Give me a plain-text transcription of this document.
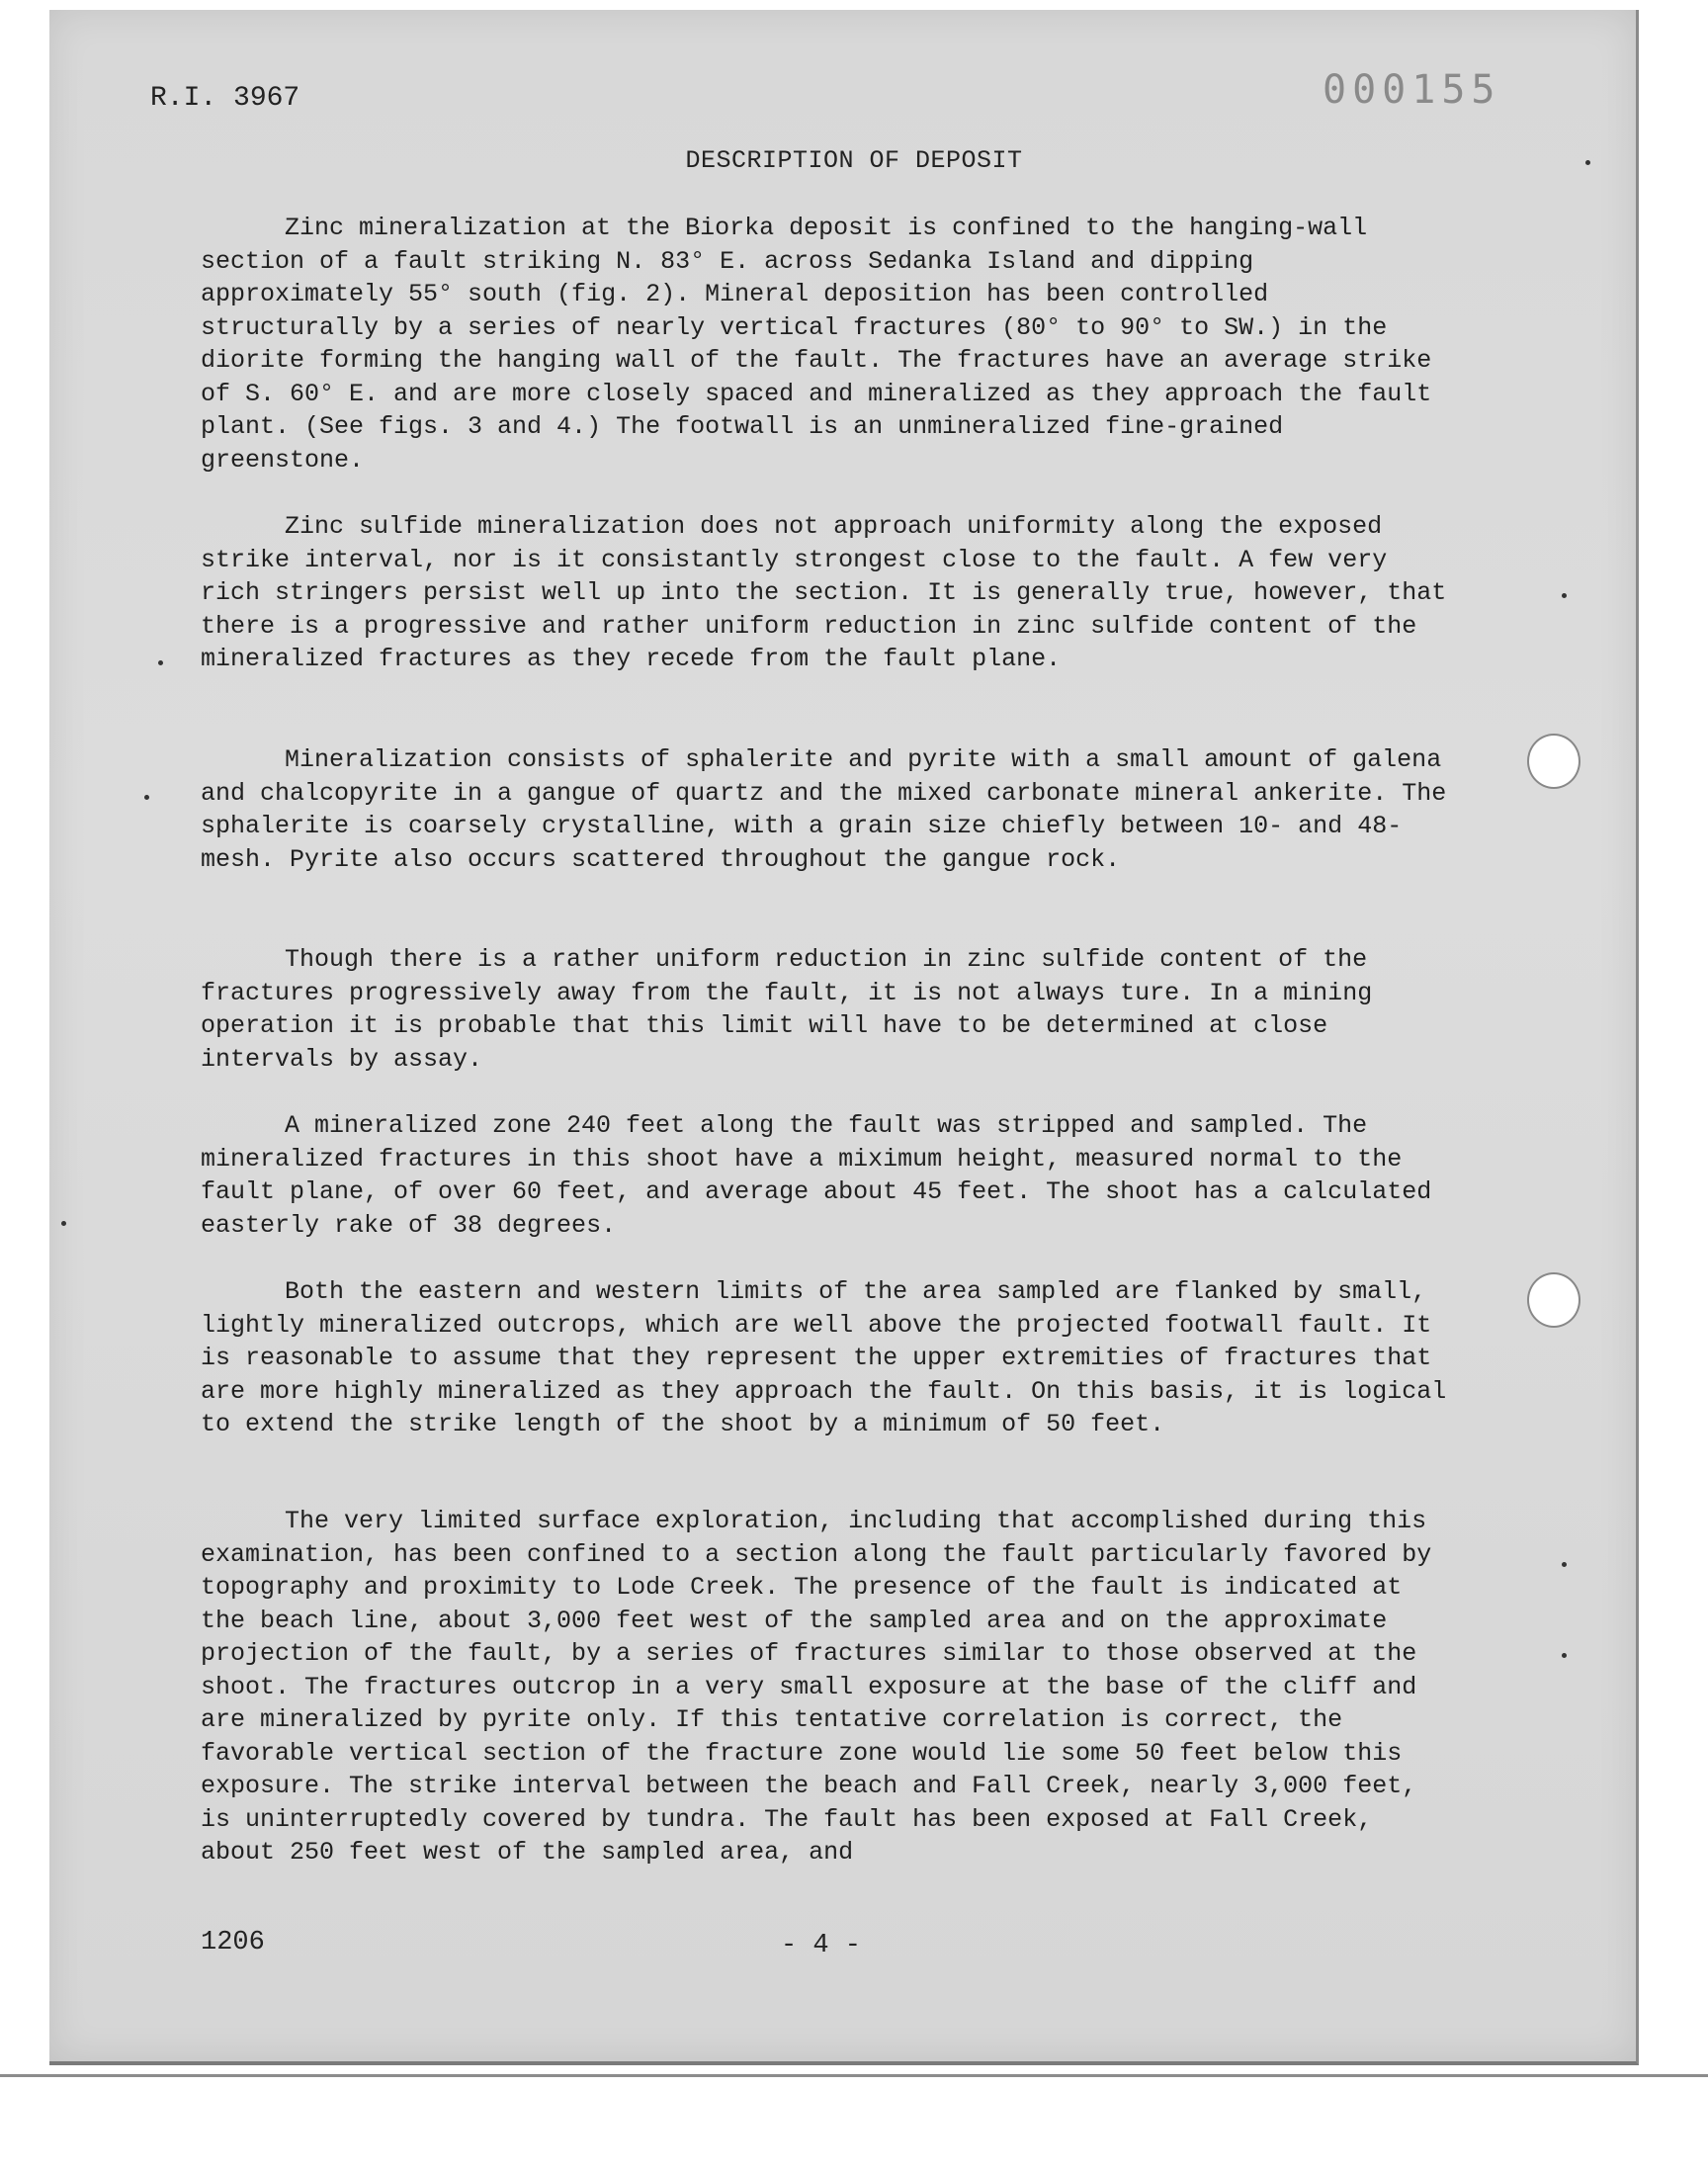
R.I. 3967	000155
DESCRIPTION OF DEPOSIT

Zinc mineralization at the Biorka deposit is confined to the hanging-wall section of a fault striking N. 83° E. across Sedanka Island and dipping approximately 55° south (fig. 2). Mineral deposition has been controlled structurally by a series of nearly vertical fractures (80° to 90° to SW.) in the diorite forming the hanging wall of the fault. The fractures have an average strike of S. 60° E. and are more closely spaced and mineralized as they approach the fault plant. (See figs. 3 and 4.) The footwall is an unmineralized fine-grained greenstone.

Zinc sulfide mineralization does not approach uniformity along the exposed strike interval, nor is it consistantly strongest close to the fault. A few very rich stringers persist well up into the section. It is generally true, however, that there is a progressive and rather uniform reduction in zinc sulfide content of the mineralized fractures as they recede from the fault plane.

Mineralization consists of sphalerite and pyrite with a small amount of galena and chalcopyrite in a gangue of quartz and the mixed carbonate mineral ankerite. The sphalerite is coarsely crystalline, with a grain size chiefly between 10- and 48-mesh. Pyrite also occurs scattered throughout the gangue rock.

Though there is a rather uniform reduction in zinc sulfide content of the fractures progressively away from the fault, it is not always ture. In a mining operation it is probable that this limit will have to be determined at close intervals by assay.

A mineralized zone 240 feet along the fault was stripped and sampled. The mineralized fractures in this shoot have a miximum height, measured normal to the fault plane, of over 60 feet, and average about 45 feet. The shoot has a calculated easterly rake of 38 degrees.

Both the eastern and western limits of the area sampled are flanked by small, lightly mineralized outcrops, which are well above the projected footwall fault. It is reasonable to assume that they represent the upper extremities of fractures that are more highly mineralized as they approach the fault. On this basis, it is logical to extend the strike length of the shoot by a minimum of 50 feet.

The very limited surface exploration, including that accomplished during this examination, has been confined to a section along the fault particularly favored by topography and proximity to Lode Creek. The presence of the fault is indicated at the beach line, about 3,000 feet west of the sampled area and on the approximate projection of the fault, by a series of fractures similar to those observed at the shoot. The fractures outcrop in a very small exposure at the base of the cliff and are mineralized by pyrite only. If this tentative correlation is correct, the favorable vertical section of the fracture zone would lie some 50 feet below this exposure. The strike interval between the beach and Fall Creek, nearly 3,000 feet, is uninterruptedly covered by tundra. The fault has been exposed at Fall Creek, about 250 feet west of the sampled area, and

1206	- 4 -
